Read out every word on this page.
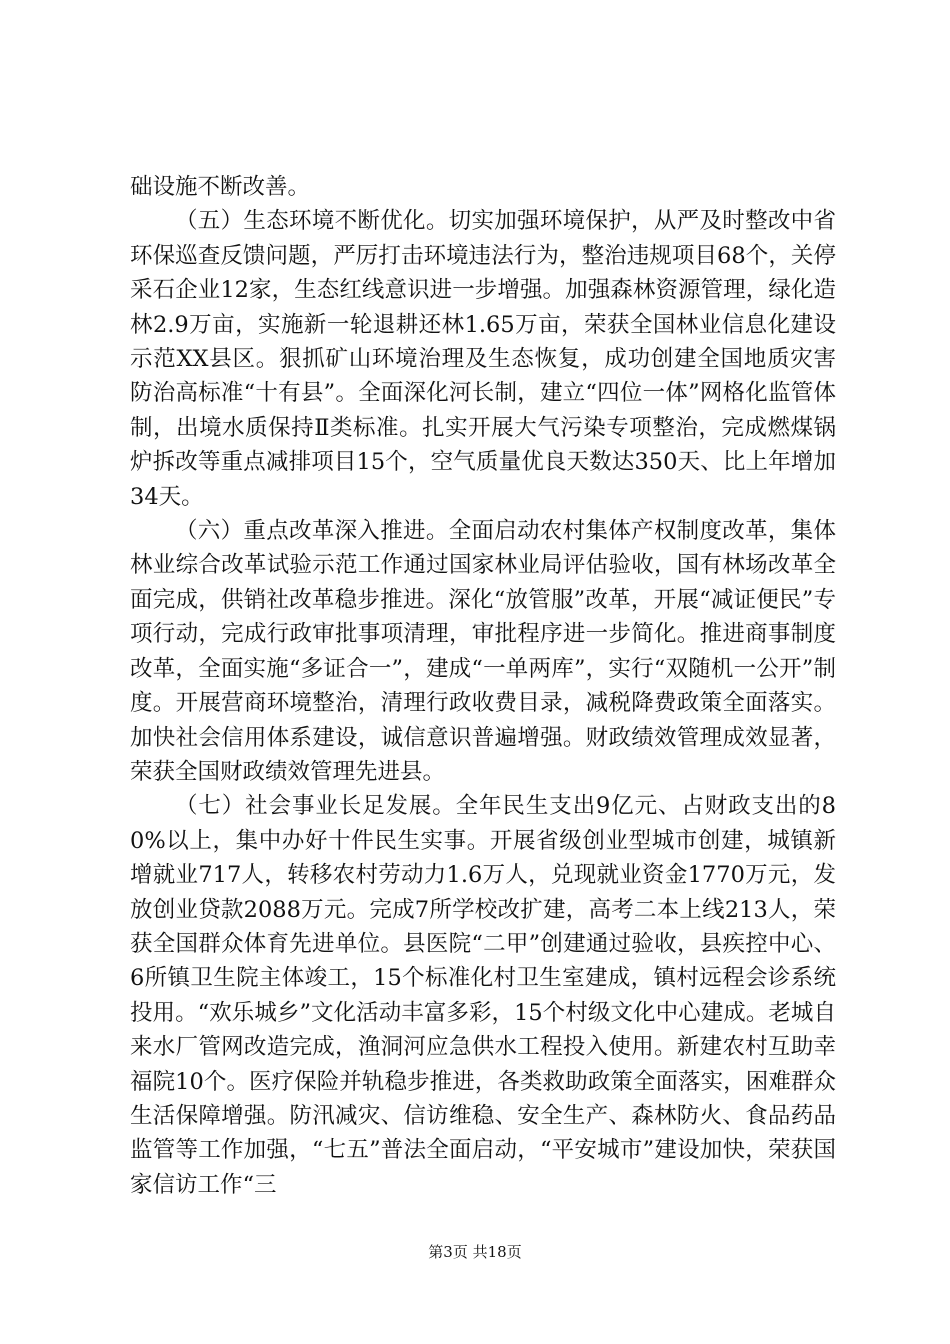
础设施不断改善。

（五）生态环境不断优化。切实加强环境保护，从严及时整改中省环保巡查反馈问题，严厉打击环境违法行为，整治违规项目68个，关停采石企业12家，生态红线意识进一步增强。加强森林资源管理，绿化造林2.9万亩，实施新一轮退耕还林1.65万亩，荣获全国林业信息化建设示范XX县区。狠抓矿山环境治理及生态恢复，成功创建全国地质灾害防治高标准“十有县”。全面深化河长制，建立“四位一体”网格化监管体制，出境水质保持Ⅱ类标准。扎实开展大气污染专项整治，完成燃煤锅炉拆改等重点减排项目15个，空气质量优良天数达350天、比上年增加34天。

（六）重点改革深入推进。全面启动农村集体产权制度改革，集体林业综合改革试验示范工作通过国家林业局评估验收，国有林场改革全面完成，供销社改革稳步推进。深化“放管服”改革，开展“减证便民”专项行动，完成行政审批事项清理，审批程序进一步简化。推进商事制度改革，全面实施“多证合一”，建成“一单两库”，实行“双随机一公开”制度。开展营商环境整治，清理行政收费目录，减税降费政策全面落实。加快社会信用体系建设，诚信意识普遍增强。财政绩效管理成效显著，荣获全国财政绩效管理先进县。

（七）社会事业长足发展。全年民生支出9亿元、占财政支出的80%以上，集中办好十件民生实事。开展省级创业型城市创建，城镇新增就业717人，转移农村劳动力1.6万人，兑现就业资金1770万元，发放创业贷款2088万元。完成7所学校改扩建，高考二本上线213人，荣获全国群众体育先进单位。县医院“二甲”创建通过验收，县疾控中心、6所镇卫生院主体竣工，15个标准化村卫生室建成，镇村远程会诊系统投用。“欢乐城乡”文化活动丰富多彩，15个村级文化中心建成。老城自来水厂管网改造完成，渔洞河应急供水工程投入使用。新建农村互助幸福院10个。医疗保险并轨稳步推进，各类救助政策全面落实，困难群众生活保障增强。防汛减灾、信访维稳、安全生产、森林防火、食品药品监管等工作加强，“七五”普法全面启动，“平安城市”建设加快，荣获国家信访工作“三

第3页 共18页
